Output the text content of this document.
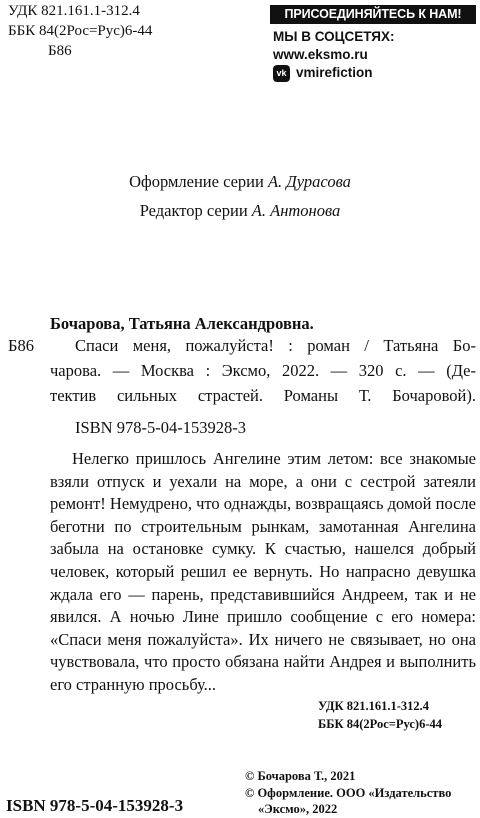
УДК 821.161.1-312.4
ББК 84(2Рос=Рус)6-44
Б86
ПРИСОЕДИНЯЙТЕСЬ К НАМ!
МЫ В СОЦСЕТЯХ:
www.eksmo.ru
vk vmirefiction
Оформление серии А. Дурасова
Редактор серии А. Антонова
Бочарова, Татьяна Александровна.
Б86 Спаси меня, пожалуйста! : роман / Татьяна Бо-
чарова. — Москва : Эксмо, 2022. — 320 с. — (Де-
тектив сильных страстей. Романы Т. Бочаровой).
ISBN 978-5-04-153928-3

Нелегко пришлось Ангелине этим летом: все знакомые взяли отпуск и уехали на море, а они с сестрой затеяли ремонт! Немудрено, что однажды, возвращаясь домой после беготни по строительным рынкам, замотанная Ангелина забыла на остановке сумку. К счастью, нашелся добрый человек, который решил ее вернуть. Но напрасно девушка ждала его — парень, представившийся Андреем, так и не явился. А ночью Лине пришло сообщение с его номера: «Спаси меня пожалуйста». Их ничего не связывает, но она чувствовала, что просто обязана найти Андрея и выполнить его странную просьбу...

УДК 821.161.1-312.4
ББК 84(2Рос=Рус)6-44
© Бочарова Т., 2021
© Оформление. ООО «Издательство
«Эксмо», 2022
ISBN 978-5-04-153928-3
